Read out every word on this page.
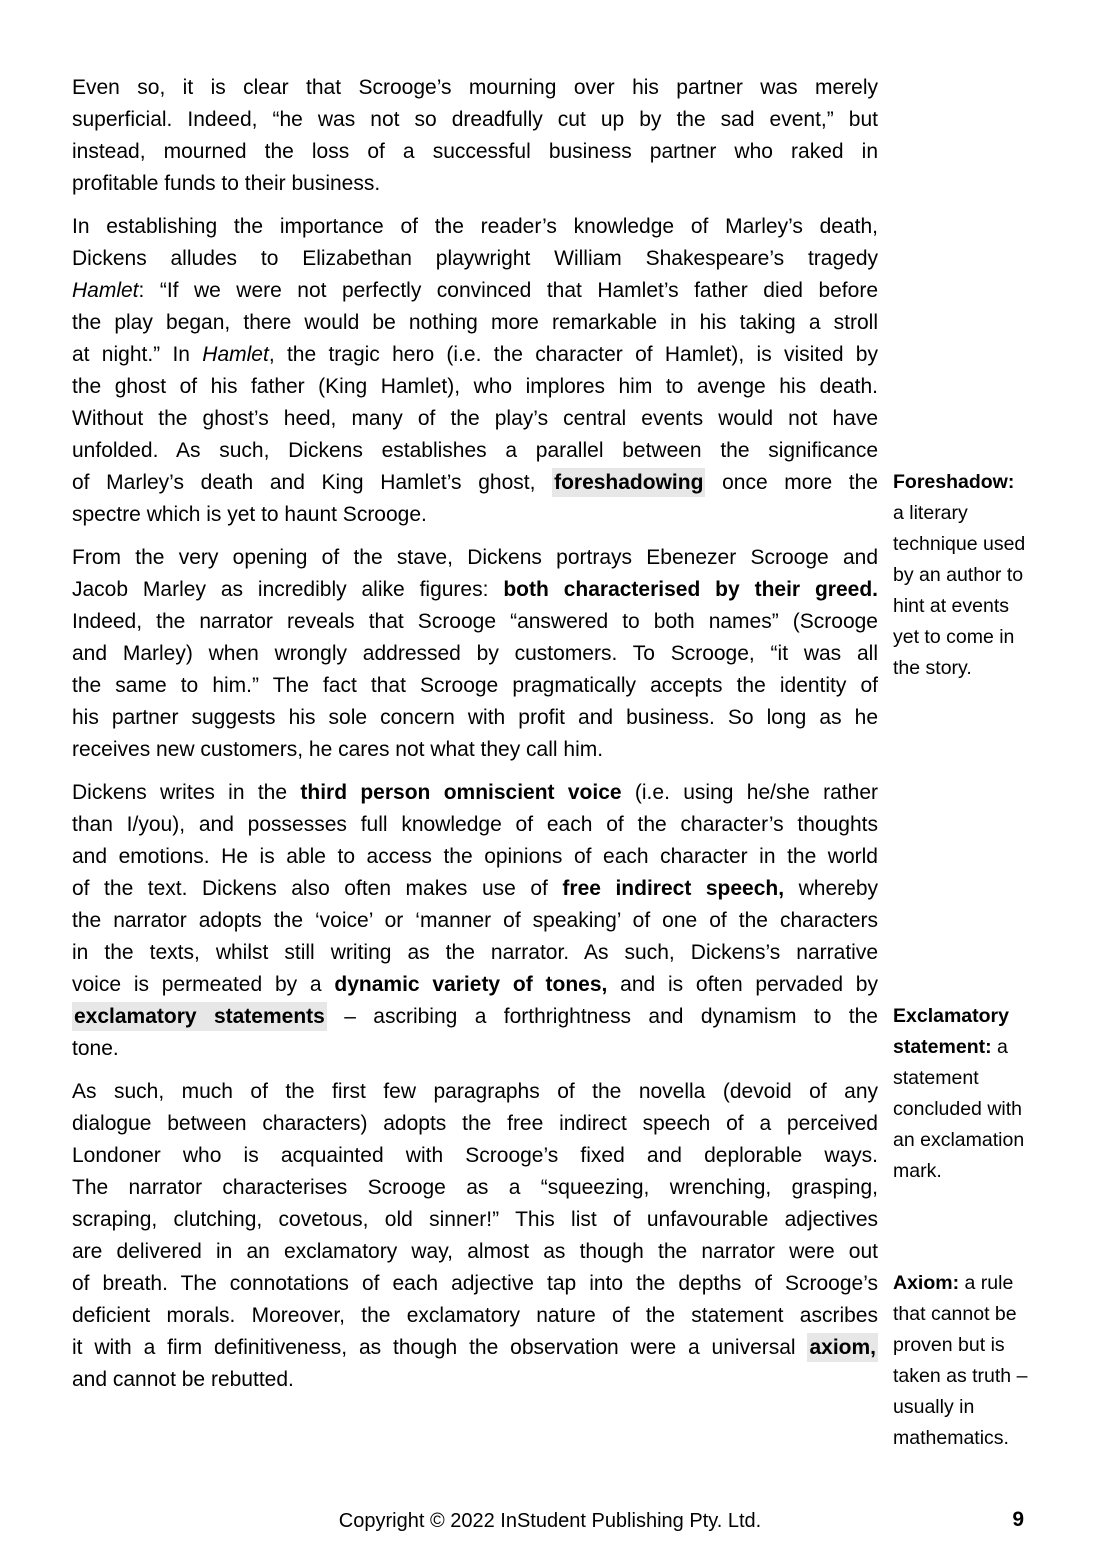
Even so, it is clear that Scrooge’s mourning over his partner was merely
superficial. Indeed, “he was not so dreadfully cut up by the sad event,” but
instead, mourned the loss of a successful business partner who raked in
profitable funds to their business.
In establishing the importance of the reader’s knowledge of Marley’s death,
Dickens alludes to Elizabethan playwright William Shakespeare’s tragedy
Hamlet: “If we were not perfectly convinced that Hamlet’s father died before
the play began, there would be nothing more remarkable in his taking a stroll
at night.” In Hamlet, the tragic hero (i.e. the character of Hamlet), is visited by
the ghost of his father (King Hamlet), who implores him to avenge his death.
Without the ghost’s heed, many of the play’s central events would not have
unfolded. As such, Dickens establishes a parallel between the significance
of Marley’s death and King Hamlet’s ghost, foreshadowing once more the
spectre which is yet to haunt Scrooge.
From the very opening of the stave, Dickens portrays Ebenezer Scrooge and
Jacob Marley as incredibly alike figures: both characterised by their greed.
Indeed, the narrator reveals that Scrooge “answered to both names” (Scrooge
and Marley) when wrongly addressed by customers. To Scrooge, “it was all
the same to him.” The fact that Scrooge pragmatically accepts the identity of
his partner suggests his sole concern with profit and business. So long as he
receives new customers, he cares not what they call him.
Dickens writes in the third person omniscient voice (i.e. using he/she rather
than I/you), and possesses full knowledge of each of the character’s thoughts
and emotions. He is able to access the opinions of each character in the world
of the text. Dickens also often makes use of free indirect speech, whereby
the narrator adopts the ‘voice’ or ‘manner of speaking’ of one of the characters
in the texts, whilst still writing as the narrator. As such, Dickens’s narrative
voice is permeated by a dynamic variety of tones, and is often pervaded by
exclamatory statements – ascribing a forthrightness and dynamism to the
tone.
As such, much of the first few paragraphs of the novella (devoid of any
dialogue between characters) adopts the free indirect speech of a perceived
Londoner who is acquainted with Scrooge’s fixed and deplorable ways.
The narrator characterises Scrooge as a “squeezing, wrenching, grasping,
scraping, clutching, covetous, old sinner!” This list of unfavourable adjectives
are delivered in an exclamatory way, almost as though the narrator were out
of breath. The connotations of each adjective tap into the depths of Scrooge’s
deficient morals. Moreover, the exclamatory nature of the statement ascribes
it with a firm definitiveness, as though the observation were a universal axiom,
and cannot be rebutted.
Foreshadow:
a literary
technique used
by an author to
hint at events
yet to come in
the story.
Exclamatory
statement: a
statement
concluded with
an exclamation
mark.
Axiom: a rule
that cannot be
proven but is
taken as truth –
usually in
mathematics.
Copyright © 2022 InStudent Publishing Pty. Ltd.	9
